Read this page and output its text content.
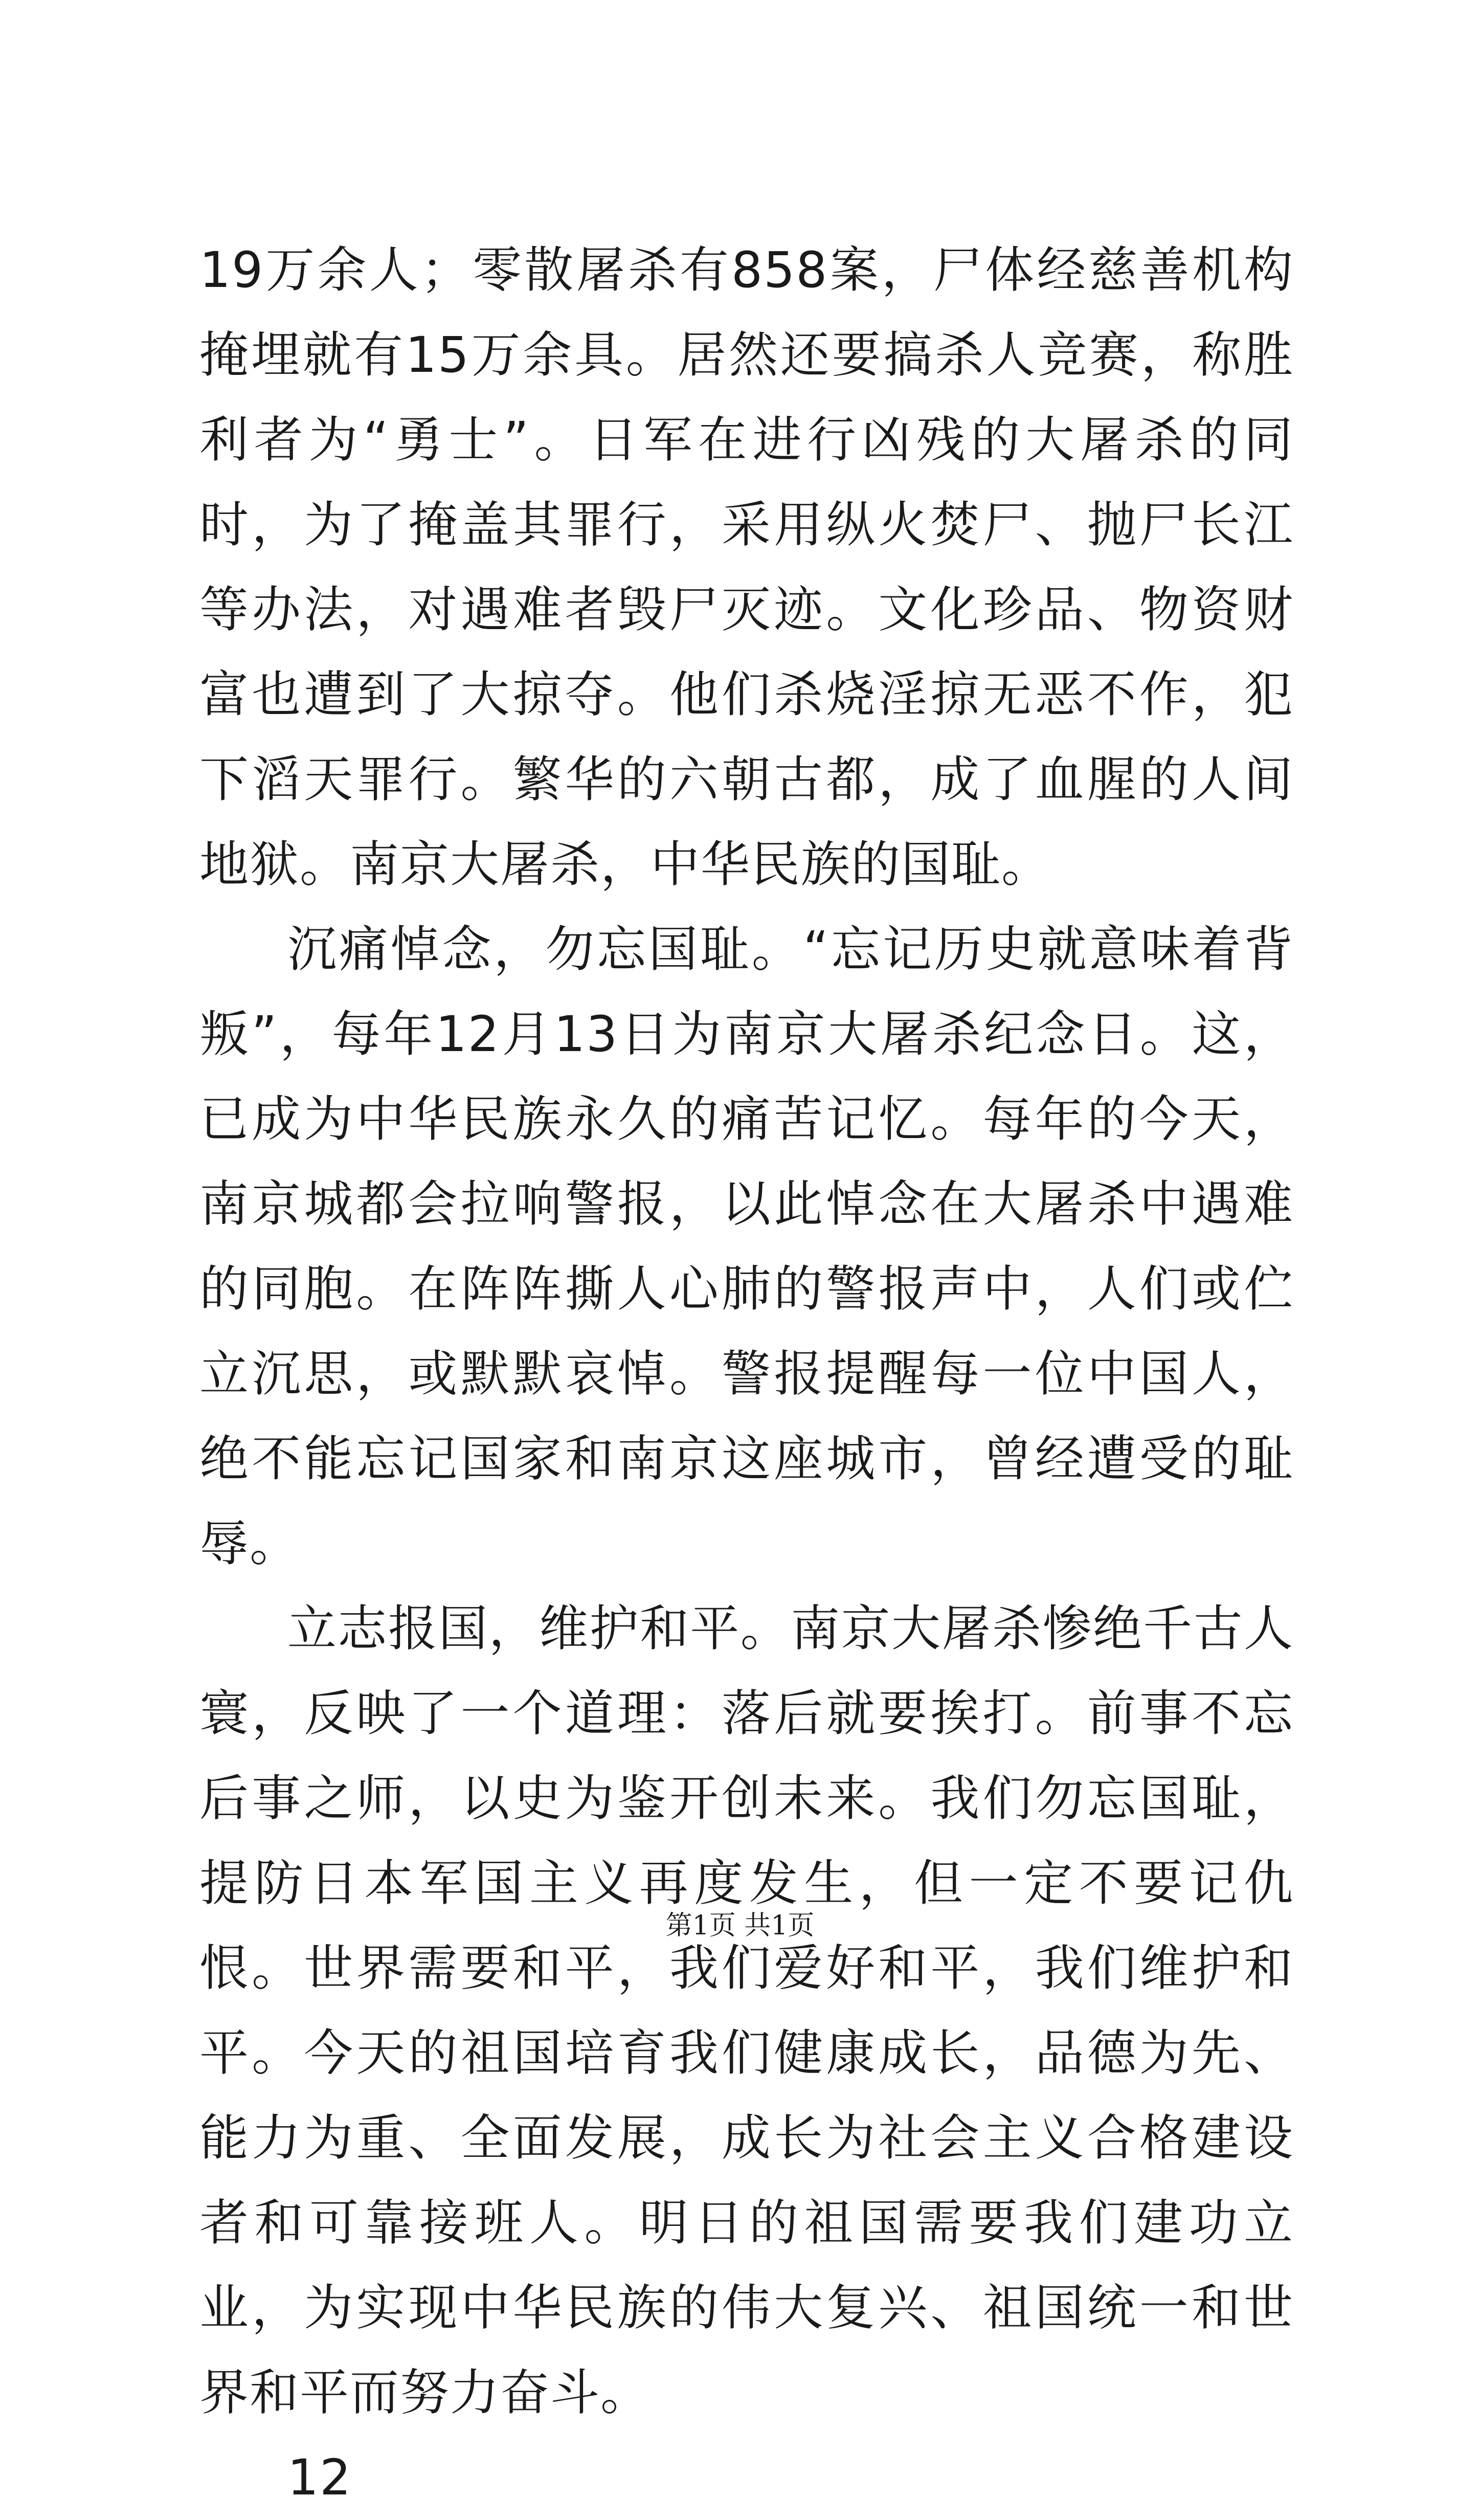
19万余人；零散屠杀有858案，尸体经慈善机构掩埋就有15万余具。居然还要搞杀人竞赛，称胜利者为“勇士”。日军在进行凶残的大屠杀的同时，为了掩盖其罪行，采用纵火焚尸、抛尸长江等办法，对遇难者毁尸灭迹。文化珍品、物资财富也遭到了大掠夺。他们杀烧淫掠无恶不作，犯下滔天罪行。繁华的六朝古都，成了血腥的人间地狱。南京大屠杀，中华民族的国耻。

沉痛悼念，勿忘国耻。“忘记历史就意味着背叛”，每年12月13日为南京大屠杀纪念日。这，已成为中华民族永久的痛苦记忆。每年的今天，南京城都会拉响警报，以此悼念在大屠杀中遇难的同胞。在阵阵撕人心肺的警报声中，人们或伫立沉思，或默默哀悼。警报提醒每一位中国人，绝不能忘记国家和南京这座城市，曾经遭受的耻辱。

立志报国，维护和平。南京大屠杀惨绝千古人寰，反映了一个道理：落后就要挨打。前事不忘后事之师，以史为鉴开创未来。我们勿忘国耻，提防日本军国主义再度发生，但一定不要记仇恨。世界需要和平，我们爱好和平，我们维护和平。今天的祖国培育我们健康成长，品德为先、能力为重、全面发展，成长为社会主义合格建设者和可靠接班人。明日的祖国需要我们建功立业，为实现中华民族的伟大复兴、祖国统一和世界和平而努力奋斗。

12

第1页 共1页
